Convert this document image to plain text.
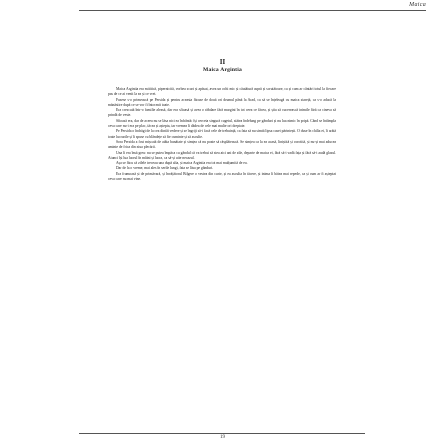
Maica
II
Maica Argintia

Maica Argintia era mititică, pipernicită, vorbea scurt și apăsat, avea un ochi mic și căutătură aspră și scrutătoare, ca și cum ar cântări totul la fiecare pas de ce ai venit la ea și ce vrei.

Fusese s-o primească pe Persida și pentru aceasta făcuse de două ori drumul până la Arad, ca să se înțeleagă cu maica stareță, ca s-o aducă la mănăstire după ce se vor fi întocmit toate.

Era crescută într-o familie aleasă, dar era sfioasă și avea o răbdare fără margini în tot ceea ce făcea, și știa să cucerească inimile fără ca cineva să prindă de veste.

Sfioasă era, dar de aceea nu se lăsa nici ea înfrântă: își cerceta singură cugetul, stătea îndelung pe gânduri și nu lua nimic în pripă. Când se întâmpla ceva care nu-i era pe plac, tăcea și aștepta, iar vremea îi dădea de cele mai multe ori dreptate.

Pe Persida o îndrăgi de la cea dintâi vedere și se îngriji să-i facă cele de trebuință, ca fata să nu simtă lipsa casei părintești. O duse în chilia ei, îi arătă toate lucrurile și îi spuse cu blândețe să fie cuminte și să asculte.

Sora Persida a fost mișcată de atâta bunătate și simțea că nu poate să răsplătească. Se simțea ca la ea acasă, liniștită și ocrotită, și nu-și mai aducea aminte de frica din ziua plecării.

Una îi era însă greu: nu se putea împăca cu gândul că va trebui să stea aici ani de zile, departe de maica ei, fără să-i vadă fața și fără să-i audă glasul. Atunci își lua lucrul în mâini și lucra, ca să-și uite necazul.

Așa se făcu că zilele treceau una după alta, și maica Argintia era tot mai mulțumită de ea.

Dar de la o vreme, mai ales în serile lungi, fata se lăsa pe gânduri.

Era frumoasă și de primăvară, și învățătorul Bilgere o vestea din curte, și ea asculta în tăcere, și inima îi bătea mai repede, ca și cum ar fi așteptat ceva care nu mai vine.

19
